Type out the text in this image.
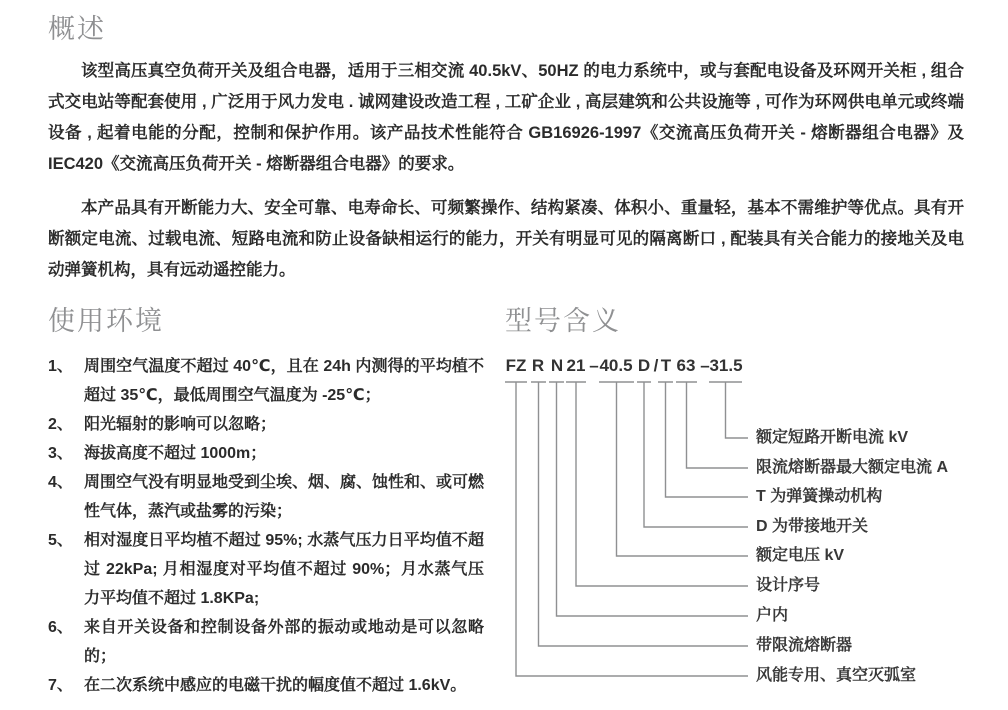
概述

该型高压真空负荷开关及组合电器，适用于三相交流 40.5kV、50HZ 的电力系统中，或与套配电设备及环网开关柜 , 组合式交电站等配套使用 , 广泛用于风力发电 . 诚网建设改造工程 , 工矿企业 , 高层建筑和公共设施等 , 可作为环网供电单元或终端设备 , 起着电能的分配，控制和保护作用。该产品技术性能符合 GB16926-1997《交流高压负荷开关 - 熔断器组合电器》及 IEC420《交流高压负荷开关 - 熔断器组合电器》的要求。

本产品具有开断能力大、安全可靠、电寿命长、可频繁操作、结构紧凑、体积小、重量轻，基本不需维护等优点。具有开断额定电流、过载电流、短路电流和防止设备缺相运行的能力，开关有明显可见的隔离断口 , 配装具有关合能力的接地关及电动弹簧机构，具有远动遥控能力。

使用环境
1、 周围空气温度不超过 40℃，且在 24h 内测得的平均植不超过 35℃，最低周围空气温度为 -25℃；
2、 阳光辐射的影响可以忽略；
3、 海拔高度不超过 1000m；
4、 周围空气没有明显地受到尘埃、烟、腐、蚀性和、或可燃性气体，蒸汽或盐雾的污染；
5、 相对湿度日平均植不超过 95%; 水蒸气压力日平均值不超过 22kPa; 月相湿度对平均值不超过 90%；月水蒸气压力平均值不超过 1.8KPa;
6、 来自开关设备和控制设备外部的振动或地动是可以忽略的；
7、 在二次系统中感应的电磁干扰的幅度值不超过 1.6kV。
型号含义
FZ R N 21 – 40.5 D / T 63 – 31.5
额定短路开断电流 kV
限流熔断器最大额定电流 A
T 为弹簧操动机构
D 为带接地开关
额定电压 kV
设计序号
户内
带限流熔断器
风能专用、真空灭弧室
